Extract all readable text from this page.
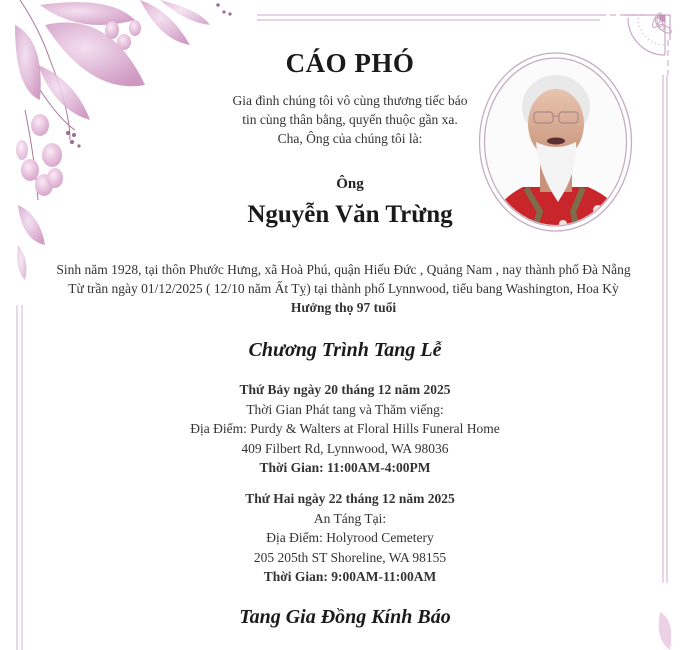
CÁO PHÓ
Gia đình chúng tôi vô cùng thương tiếc báo
tin cùng thân bằng, quyến thuộc gần xa.
Cha, Ông của chúng tôi là:
Ông
Nguyễn Văn Trừng
Sinh năm 1928, tại thôn Phước Hưng, xã Hoà Phú, quận Hiếu Đức , Quảng Nam , nay thành phố Đà Nẵng
Từ trần ngày 01/12/2025 ( 12/10 năm Ất Tỵ) tại thành phố Lynnwood, tiểu bang Washington, Hoa Kỳ
Hưởng thọ 97 tuổi
Chương Trình Tang Lễ
Thứ Bảy ngày 20 tháng 12 năm 2025
Thời Gian Phát tang và Thăm viếng:
Địa Điểm: Purdy & Walters at Floral Hills Funeral Home
409 Filbert Rd, Lynnwood, WA 98036
Thời Gian: 11:00AM-4:00PM
Thứ Hai ngày 22 tháng 12 năm 2025
An Táng Tại:
Địa Điểm: Holyrood Cemetery
205 205th ST Shoreline, WA 98155
Thời Gian: 9:00AM-11:00AM
Tang Gia Đồng Kính Báo
